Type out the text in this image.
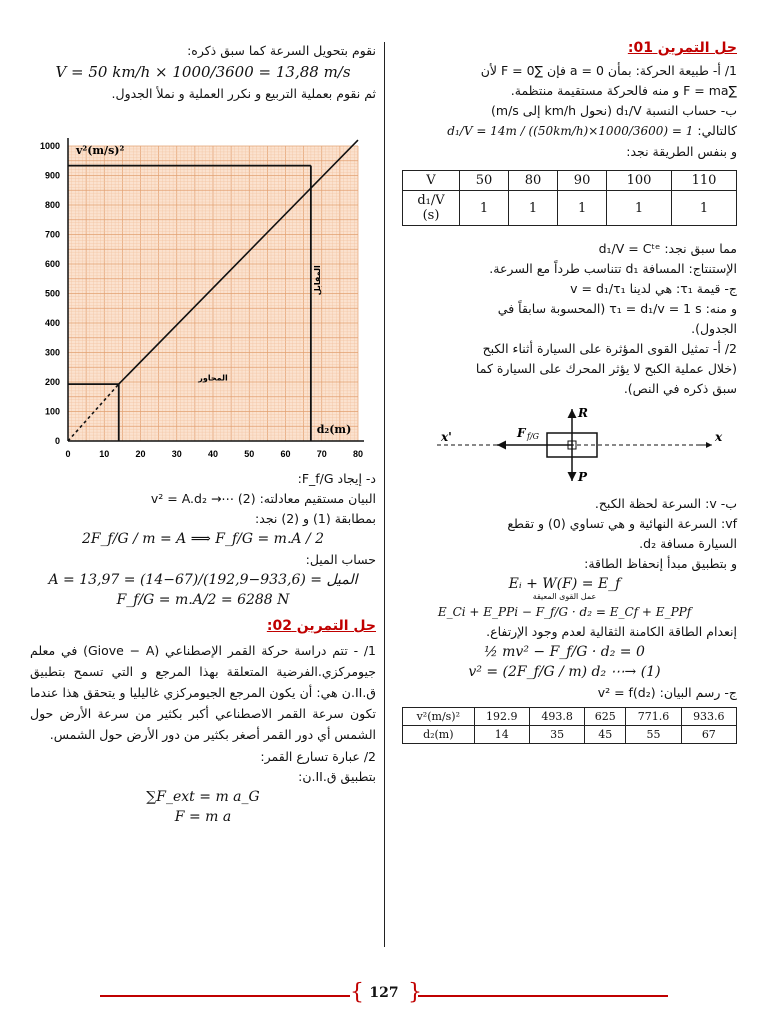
حل التمرين 01:

1/ أ- طبيعة الحركة: بمأن a = 0 فإن ∑F = 0 لأن

∑F = ma و منه فالحركة مستقيمة منتظمة.

ب- حساب النسبة d₁/V (نحول km/h إلى m/s)

كالتالي: d₁/V = 14m / ((50km/h)×1000/3600) = 1

و بنفس الطريقة نجد:

V	50	80	90	100	110
d₁/V (s)	1	1	1	1	1

مما سبق نجد: d₁/V = Cᵗᵉ

الإستنتاج: المسافة d₁ تتناسب طرداً مع السرعة.

ج- قيمة τ₁: هي لدينا v = d₁/τ₁

و منه: τ₁ = d₁/v = 1 s (المحسوبة سابقاً في

الجدول).

2/ أ- تمثيل القوى المؤثرة على السيارة أثناء الكبح

(خلال عملية الكبح لا يؤثر المحرك على السيارة كما

سبق ذكره في النص).

R
P
F f/G	x
x'

ب- v: السرعة لحظة الكبح.

vf: السرعة النهائية و هي تساوي (0) و تقطع

السيارة مسافة d₂.

و بتطبيق مبدأ إنحفاظ الطاقة:

Eᵢ + W(F) = E_f

عمل القوى المعيقة

E_Ci + E_PPi − F_f/G · d₂ = E_Cf + E_PPf

إنعدام الطاقة الكامنة الثقالية لعدم وجود الإرتفاع.

½ mv² − F_f/G · d₂ = 0

v² = (2F_f/G / m) d₂ ⋯→ (1)

ج- رسم البيان: v² = f(d₂)

v²(m/s)²	192.9	493.8	625	771.6	933.6
d₂(m)	14	35	45	55	67

نقوم بتحويل السرعة كما سبق ذكره:

V = 50 km/h × 1000/3600 = 13,88 m/s

ثم نقوم بعملية التربيع و نكرر العملية و نملأ الجدول.

0	10	20	30	40	50	60	70	80
0
100
200
300
400
500
600
700
800
900
1000 v²(m/s)²
d₂(m)
المحاور
المقابل

د- إيجاد F_f/G:

البيان مستقيم معادلته: (2) ⋯→ v² = A.d₂

بمطابقة (1) و (2) نجد:

2F_f/G / m = A ⟹ F_f/G = m.A / 2

حساب الميل:

A = الميل = (933,6−192,9)/(67−14) = 13,97

F_f/G = m.A/2 = 6288 N

حل التمرين 02:

1/ - تتم دراسة حركة القمر الإصطناعي (Giove − A) في معلم جيومركزي.الفرضية المتعلقة بهذا المرجع و التي تسمح بتطبيق ق.II.ن هي: أن يكون المرجع الجيومركزي غاليليا و يتحقق هذا عندما تكون سرعة القمر الاصطناعي أكبر بكثير من سرعة الأرض حول الشمس أي دور القمر أصغر بكثير من دور الأرض حول الشمس.

2/ عبارة تسارع القمر:

بتطبيق ق.II.ن:

∑F_ext = m a_G

F = m a

{ }
127
